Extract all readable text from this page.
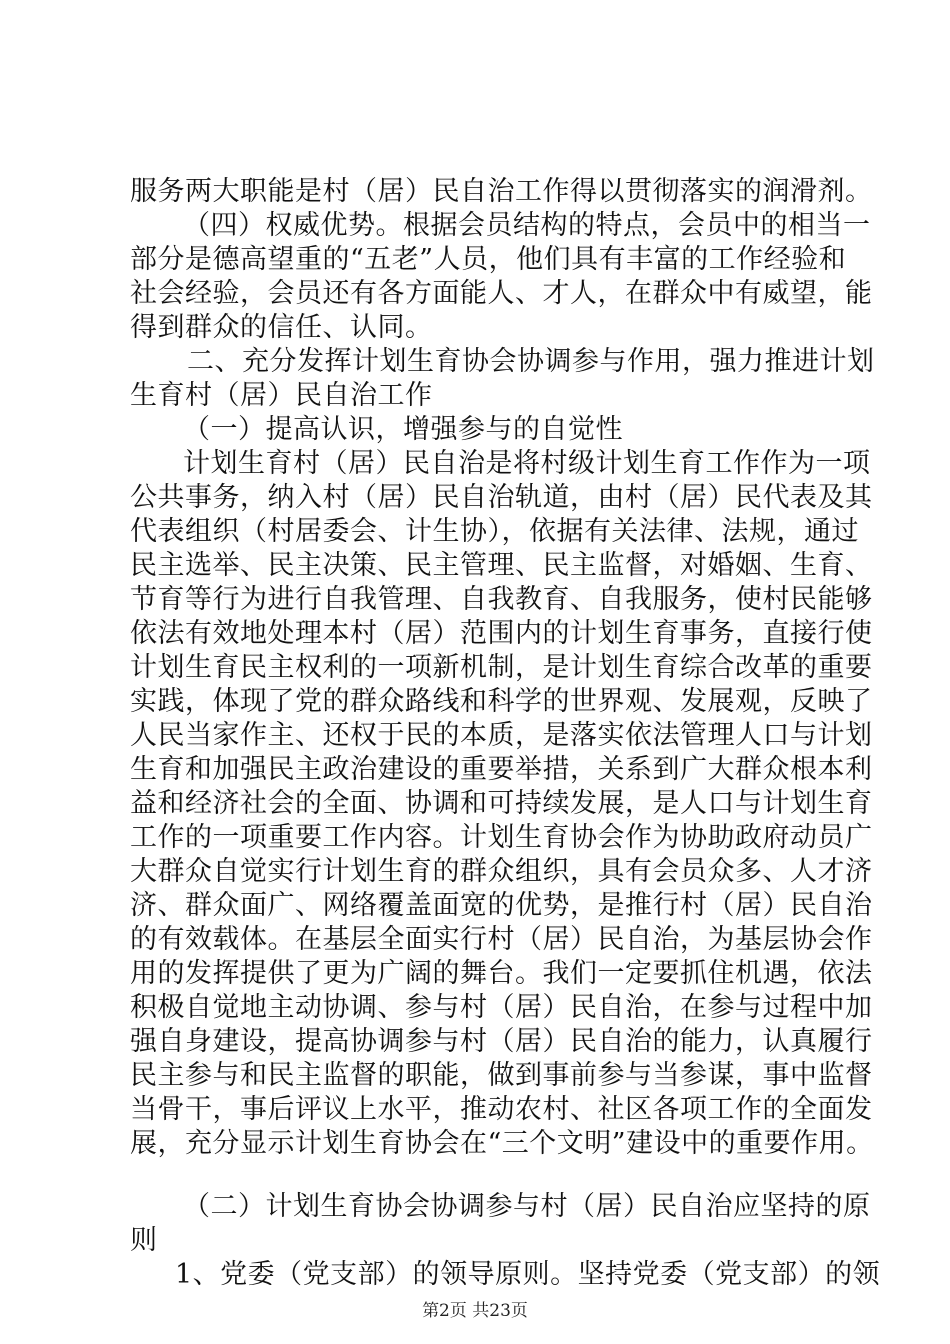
服务两大职能是村（居）民自治工作得以贯彻落实的润滑剂。
（四）权威优势。根据会员结构的特点，会员中的相当一
部分是德高望重的“五老”人员，他们具有丰富的工作经验和
社会经验，会员还有各方面能人、才人，在群众中有威望，能
得到群众的信任、认同。
二、充分发挥计划生育协会协调参与作用，强力推进计划
生育村（居）民自治工作
（一）提高认识，增强参与的自觉性
计划生育村（居）民自治是将村级计划生育工作作为一项
公共事务，纳入村（居）民自治轨道，由村（居）民代表及其
代表组织（村居委会、计生协），依据有关法律、法规，通过
民主选举、民主决策、民主管理、民主监督，对婚姻、生育、
节育等行为进行自我管理、自我教育、自我服务，使村民能够
依法有效地处理本村（居）范围内的计划生育事务，直接行使
计划生育民主权利的一项新机制，是计划生育综合改革的重要
实践，体现了党的群众路线和科学的世界观、发展观，反映了
人民当家作主、还权于民的本质，是落实依法管理人口与计划
生育和加强民主政治建设的重要举措，关系到广大群众根本利
益和经济社会的全面、协调和可持续发展，是人口与计划生育
工作的一项重要工作内容。计划生育协会作为协助政府动员广
大群众自觉实行计划生育的群众组织，具有会员众多、人才济
济、群众面广、网络覆盖面宽的优势，是推行村（居）民自治
的有效载体。在基层全面实行村（居）民自治，为基层协会作
用的发挥提供了更为广阔的舞台。我们一定要抓住机遇，依法
积极自觉地主动协调、参与村（居）民自治，在参与过程中加
强自身建设，提高协调参与村（居）民自治的能力，认真履行
民主参与和民主监督的职能，做到事前参与当参谋，事中监督
当骨干，事后评议上水平，推动农村、社区各项工作的全面发
展，充分显示计划生育协会在“三个文明”建设中的重要作用。
（二）计划生育协会协调参与村（居）民自治应坚持的原
则
1、党委（党支部）的领导原则。坚持党委（党支部）的领
第2页 共23页
